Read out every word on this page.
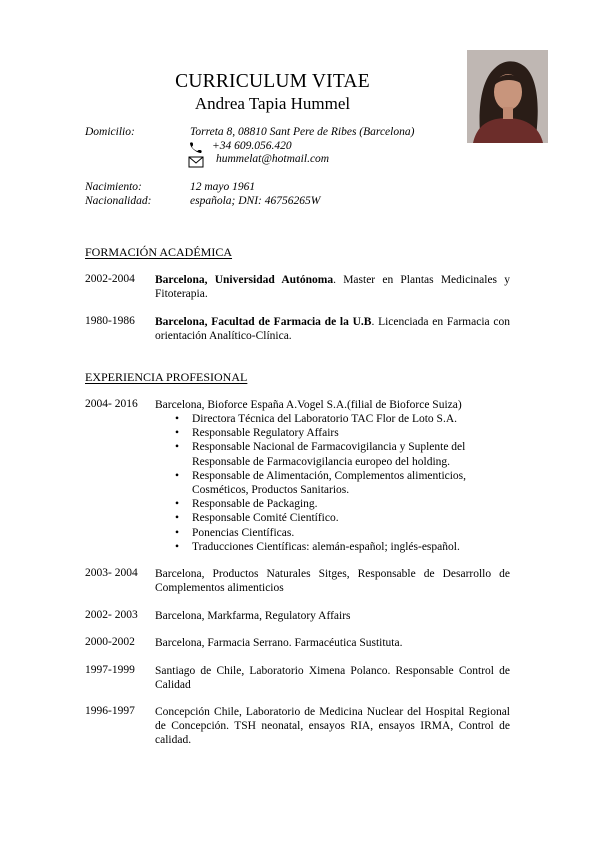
CURRICULUM VITAE
Andrea Tapia Hummel
Domicilio:	Torreta 8, 08810 Sant Pere de Ribes (Barcelona)
+34 609.056.420
hummelat@hotmail.com
Nacimiento:	12 mayo 1961
Nacionalidad:	española; DNI: 46756265W
FORMACIÓN ACADÉMICA
2002-2004 Barcelona, Universidad Autónoma. Master en Plantas Medicinales y Fitoterapia.
1980-1986 Barcelona, Facultad de Farmacia de la U.B. Licenciada en Farmacia con orientación Analítico-Clínica.
EXPERIENCIA PROFESIONAL
2004- 2016 Barcelona, Bioforce España A.Vogel S.A.(filial de Bioforce Suiza)
• Directora Técnica del Laboratorio TAC Flor de Loto S.A.
• Responsable Regulatory Affairs
• Responsable Nacional de Farmacovigilancia y Suplente del Responsable de Farmacovigilancia europeo del holding.
• Responsable de Alimentación, Complementos alimenticios, Cosméticos, Productos Sanitarios.
• Responsable de Packaging.
• Responsable Comité Científico.
• Ponencias Científicas.
• Traducciones Científicas: alemán-español; inglés-español.
2003- 2004 Barcelona, Productos Naturales Sitges, Responsable de Desarrollo de Complementos alimenticios
2002- 2003 Barcelona, Markfarma, Regulatory Affairs
2000-2002 Barcelona, Farmacia Serrano. Farmacéutica Sustituta.
1997-1999 Santiago de Chile, Laboratorio Ximena Polanco. Responsable Control de Calidad
1996-1997 Concepción Chile, Laboratorio de Medicina Nuclear del Hospital Regional de Concepción. TSH neonatal, ensayos RIA, ensayos IRMA, Control de calidad.
